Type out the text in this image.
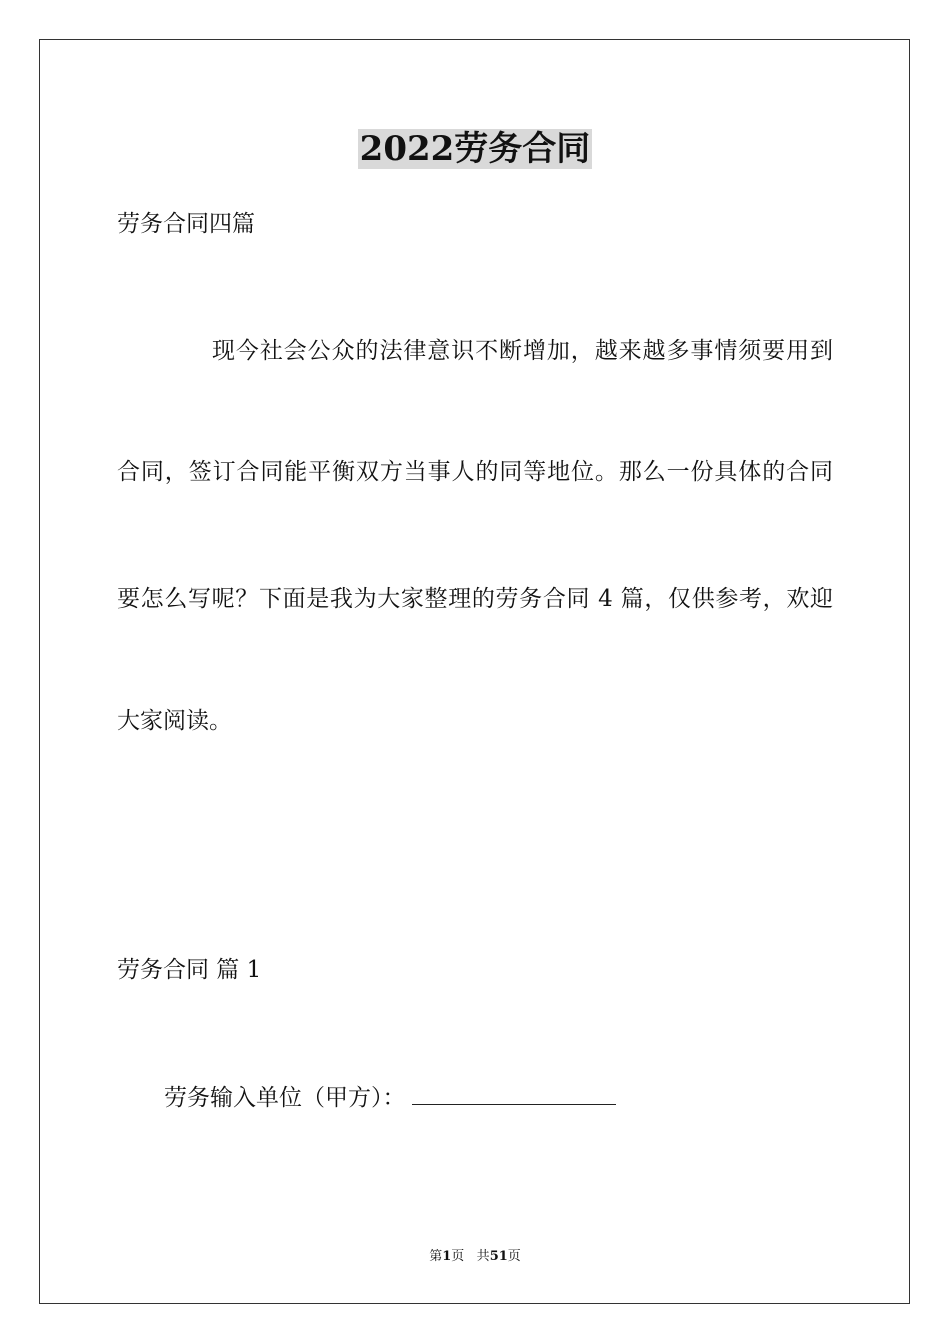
2022劳务合同
劳务合同四篇
现今社会公众的法律意识不断增加，越来越多事情须要用到
合同，签订合同能平衡双方当事人的同等地位。那么一份具体的合同
要怎么写呢？下面是我为大家整理的劳务合同 4 篇，仅供参考，欢迎
大家阅读。
劳务合同 篇 1
劳务输入单位（甲方）：
第1页 共51页
